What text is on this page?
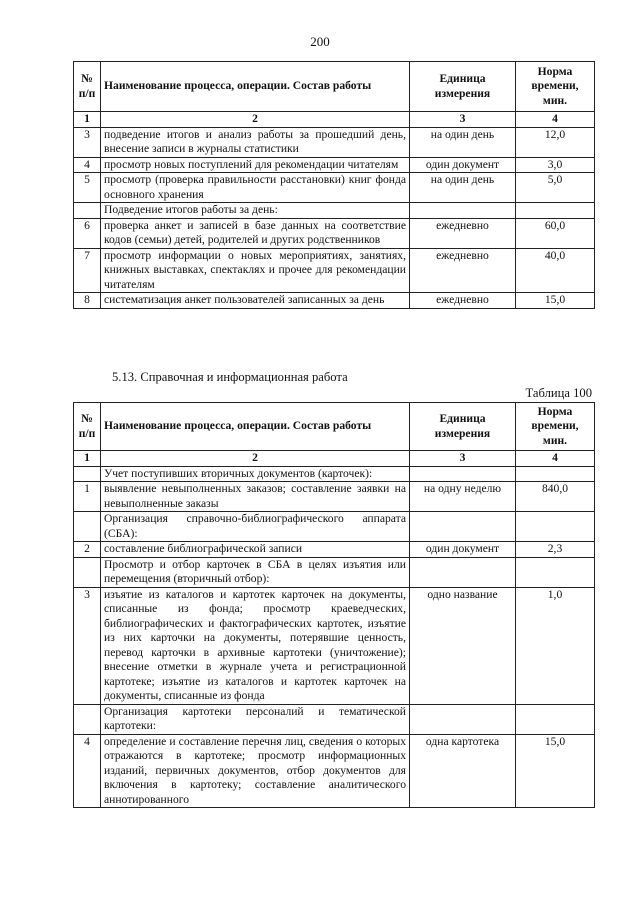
200
№ п/п	Наименование процесса, операции. Состав работы	Единица измерения	Норма времени, мин.
1	2	3	4
3	подведение итогов и анализ работы за прошедший день, внесение записи в журналы статистики	на один день	12,0
4	просмотр новых поступлений для рекомендации читателям	один документ	3,0
5	просмотр (проверка правильности расстановки) книг фонда основного хранения	на один день	5,0
	Подведение итогов работы за день:		
6	проверка анкет и записей в базе данных на соответствие кодов (семьи) детей, родителей и других родственников	ежедневно	60,0
7	просмотр информации о новых мероприятиях, занятиях, книжных выставках, спектаклях и прочее для рекомендации читателям	ежедневно	40,0
8	систематизация анкет пользователей записанных за день	ежедневно	15,0
5.13. Справочная и информационная работа
Таблица 100
№ п/п	Наименование процесса, операции. Состав работы	Единица измерения	Норма времени, мин.
1	2	3	4
	Учет поступивших вторичных документов (карточек):		
1	выявление невыполненных заказов; составление заявки на невыполненные заказы	на одну неделю	840,0
	Организация справочно-библиографического аппарата (СБА):		
2	составление библиографической записи	один документ	2,3
	Просмотр и отбор карточек в СБА в целях изъятия или перемещения (вторичный отбор):		
3	изъятие из каталогов и картотек карточек на документы, списанные из фонда; просмотр краеведческих, библиографических и фактографических картотек, изъятие из них карточки на документы, потерявшие ценность, перевод карточки в архивные картотеки (уничтожение); внесение отметки в журнале учета и регистрационной картотеке; изъятие из каталогов и картотек карточек на документы, списанные из фонда	одно название	1,0
	Организация картотеки персоналий и тематической картотеки:		
4	определение и составление перечня лиц, сведения о которых отражаются в картотеке; просмотр информационных изданий, первичных документов, отбор документов для включения в картотеку; составление аналитического аннотированного	одна картотека	15,0
